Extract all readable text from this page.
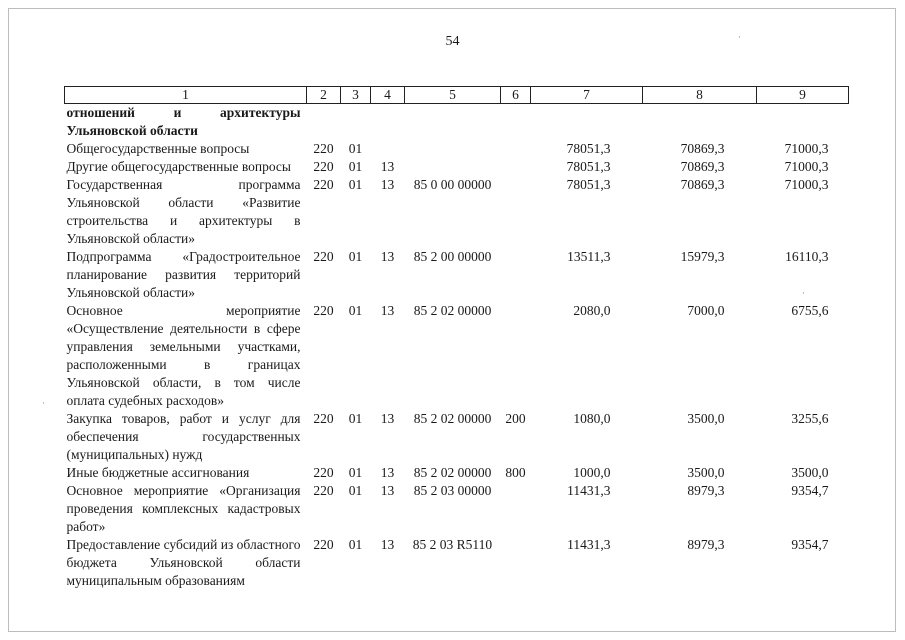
54
1	2	3	4	5	6	7	8	9
отношений и архитектуры Ульяновской области								
Общегосударственные вопросы	220	01				78051,3	70869,3	71000,3
Другие общегосударственные вопросы	220	01	13			78051,3	70869,3	71000,3
Государственная программа Ульяновской области «Развитие строительства и архитектуры в Ульяновской области»	220	01	13	85 0 00 00000		78051,3	70869,3	71000,3
Подпрограмма «Градостроительное планирование развития территорий Ульяновской области»	220	01	13	85 2 00 00000		13511,3	15979,3	16110,3
Основное мероприятие «Осуществление деятельности в сфере управления земельными участками, расположенными в границах Ульяновской области, в том числе оплата судебных расходов»	220	01	13	85 2 02 00000		2080,0	7000,0	6755,6
Закупка товаров, работ и услуг для обеспечения государственных (муниципальных) нужд	220	01	13	85 2 02 00000	200	1080,0	3500,0	3255,6
Иные бюджетные ассигнования	220	01	13	85 2 02 00000	800	1000,0	3500,0	3500,0
Основное мероприятие «Организация проведения комплексных кадастровых работ»	220	01	13	85 2 03 00000		11431,3	8979,3	9354,7
Предоставление субсидий из областного бюджета Ульяновской области муниципальным образованиям	220	01	13	85 2 03 R5110		11431,3	8979,3	9354,7
·
·
·
